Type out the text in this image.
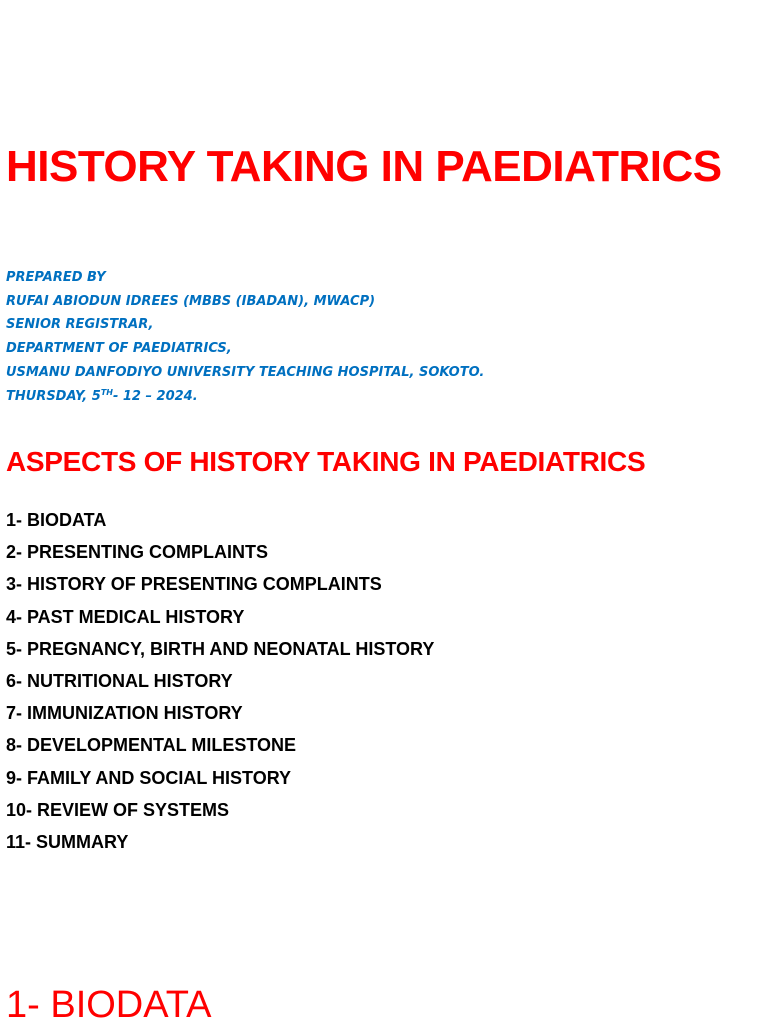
HISTORY TAKING IN PAEDIATRICS
PREPARED BY
RUFAI ABIODUN IDREES (MBBS (IBADAN), MWACP)
SENIOR REGISTRAR,
DEPARTMENT OF PAEDIATRICS,
USMANU DANFODIYO UNIVERSITY TEACHING HOSPITAL, SOKOTO.
THURSDAY, 5TH- 12 – 2024.
ASPECTS OF HISTORY TAKING IN PAEDIATRICS
1- BIODATA
2- PRESENTING COMPLAINTS
3- HISTORY OF PRESENTING COMPLAINTS
4- PAST MEDICAL HISTORY
5- PREGNANCY, BIRTH AND NEONATAL HISTORY
6- NUTRITIONAL HISTORY
7- IMMUNIZATION HISTORY
8- DEVELOPMENTAL MILESTONE
9- FAMILY AND SOCIAL HISTORY
10- REVIEW OF SYSTEMS
11- SUMMARY
1- BIODATA
